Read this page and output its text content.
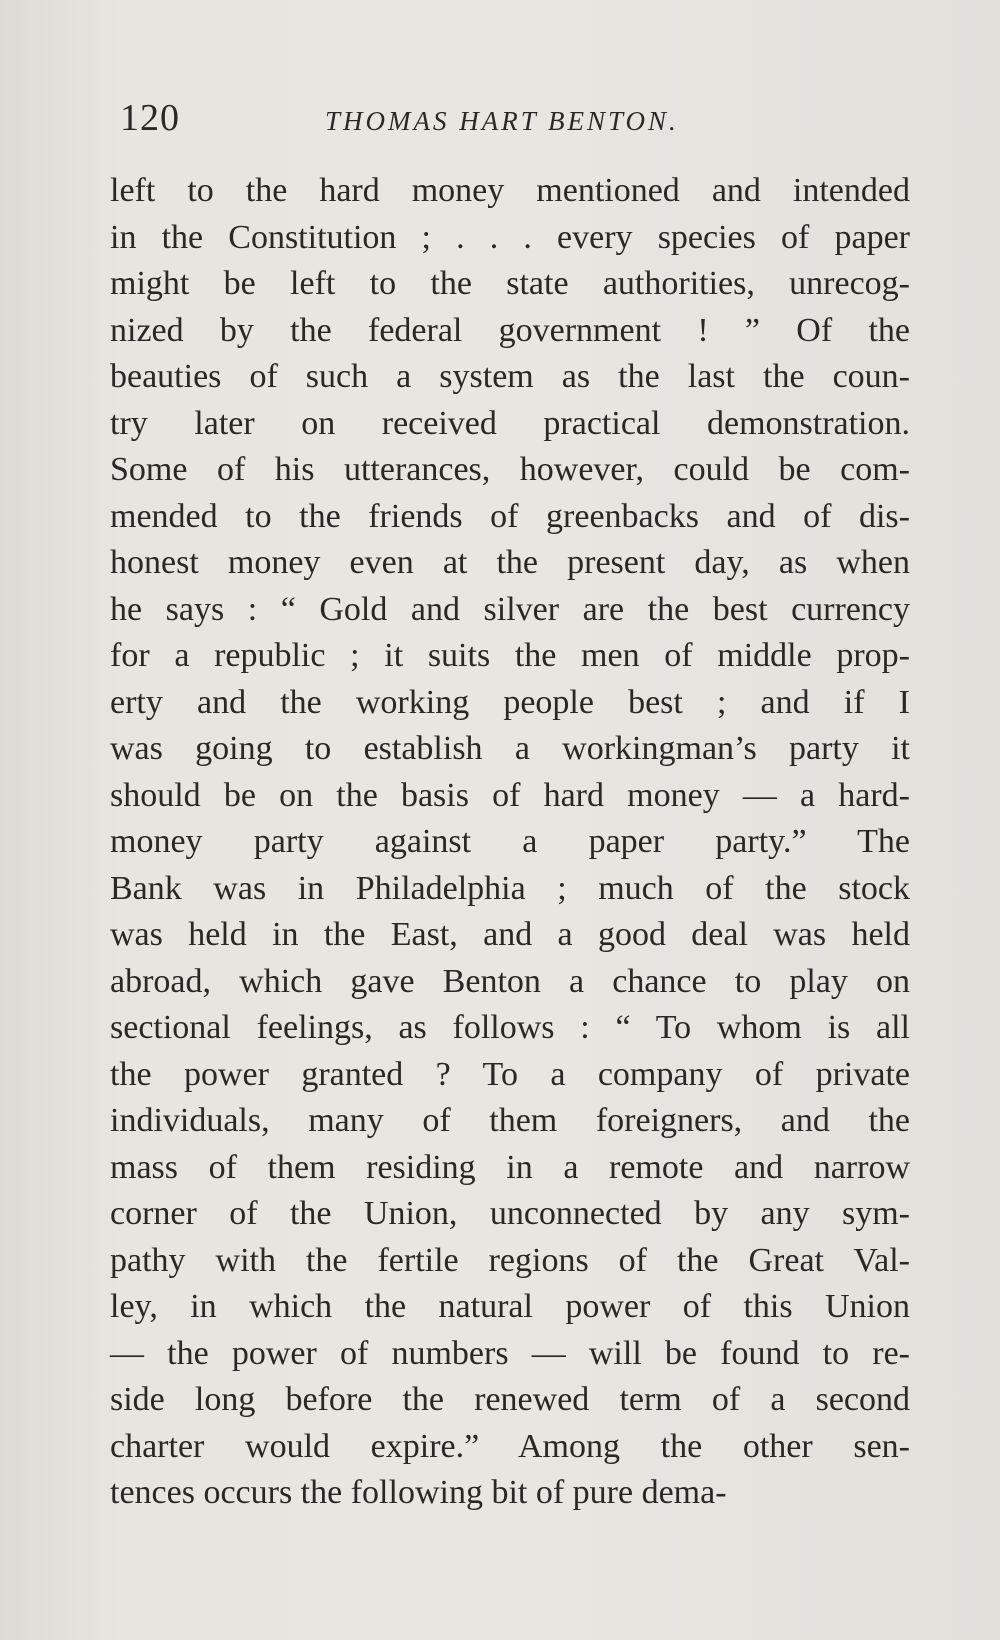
120	THOMAS HART BENTON.
left to the hard money mentioned and intended
in the Constitution ; . . . every species of paper
might be left to the state authorities, unrecog-
nized by the federal government ! ” Of the
beauties of such a system as the last the coun-
try later on received practical demonstration.
Some of his utterances, however, could be com-
mended to the friends of greenbacks and of dis-
honest money even at the present day, as when
he says : “ Gold and silver are the best currency
for a republic ; it suits the men of middle prop-
erty and the working people best ; and if I
was going to establish a workingman’s party it
should be on the basis of hard money — a hard-
money party against a paper party.” The
Bank was in Philadelphia ; much of the stock
was held in the East, and a good deal was held
abroad, which gave Benton a chance to play on
sectional feelings, as follows : “ To whom is all
the power granted ? To a company of private
individuals, many of them foreigners, and the
mass of them residing in a remote and narrow
corner of the Union, unconnected by any sym-
pathy with the fertile regions of the Great Val-
ley, in which the natural power of this Union
— the power of numbers — will be found to re-
side long before the renewed term of a second
charter would expire.” Among the other sen-
tences occurs the following bit of pure dema-
